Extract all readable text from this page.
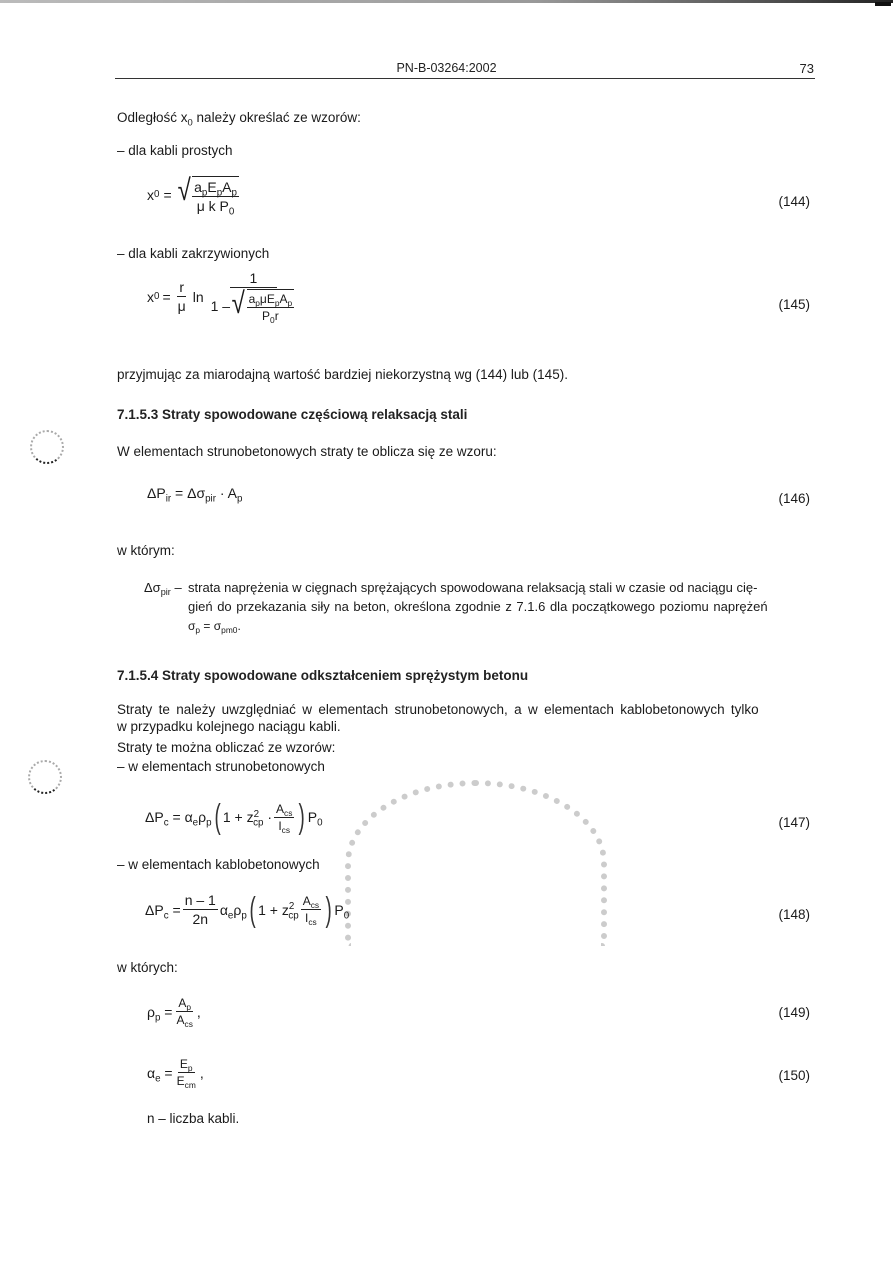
PN-B-03264:2002	73
Odległość $x_0$ należy określać ze wzorów:
– dla kabli prostych
x 0 = √ $\frac{a_pE_pA_p}{\mu k P_0}$	(144)
– dla kabli zakrzywionych
x $0 = \frac{r}{\mu}$ ln
1
1 – √ $\frac{a_p\mu E_pA_p}{P_0r}$	(145)
przyjmując za miarodajną wartość bardziej niekorzystną wg (144) lub (145).
7.1.5.3 Straty spowodowane częściową relaksacją stali
W elementach strunobetonowych straty te oblicza się ze wzoru:
$\Delta P_{ir} = \Delta\sigma_{pir} \cdot A_p$	(146)
w którym:
$\Delta\sigma_{pir}$ – strata naprężenia w cięgnach sprężających spowodowana relaksacją stali w czasie od naciągu cię-
gień do przekazania siły na beton, określona zgodnie z 7.1.6 dla początkowego poziomu naprężeń
$\sigma_p = \sigma_{pm0}$.
7.1.5.4 Straty spowodowane odkształceniem sprężystym betonu
Straty te należy uwzględniać w elementach strunobetonowych, a w elementach kablobetonowych tylko
w przypadku kolejnego naciągu kabli.
Straty te można obliczać ze wzorów:
– w elementach strunobetonowych
$\Delta P_c = \alpha_e\rho_p$ ( $1 + z^2_{cp} \cdot \frac{A_{cs}}{I_{cs}}$ ) $P_0$	(147)
– w elementach kablobetonowych
$\Delta P_c = \frac{n - 1}{2n} \alpha_e\rho_p$ ( $1 + z^2_{cp} \frac{A_{cs}}{I_{cs}}$ ) $P_0$	(148)
w których:
$\rho_p = \frac{A_p}{A_{cs}}$ ,	(149)
$\alpha_e = \frac{E_p}{E_{cm}}$ ,	(150)
n – liczba kabli.
